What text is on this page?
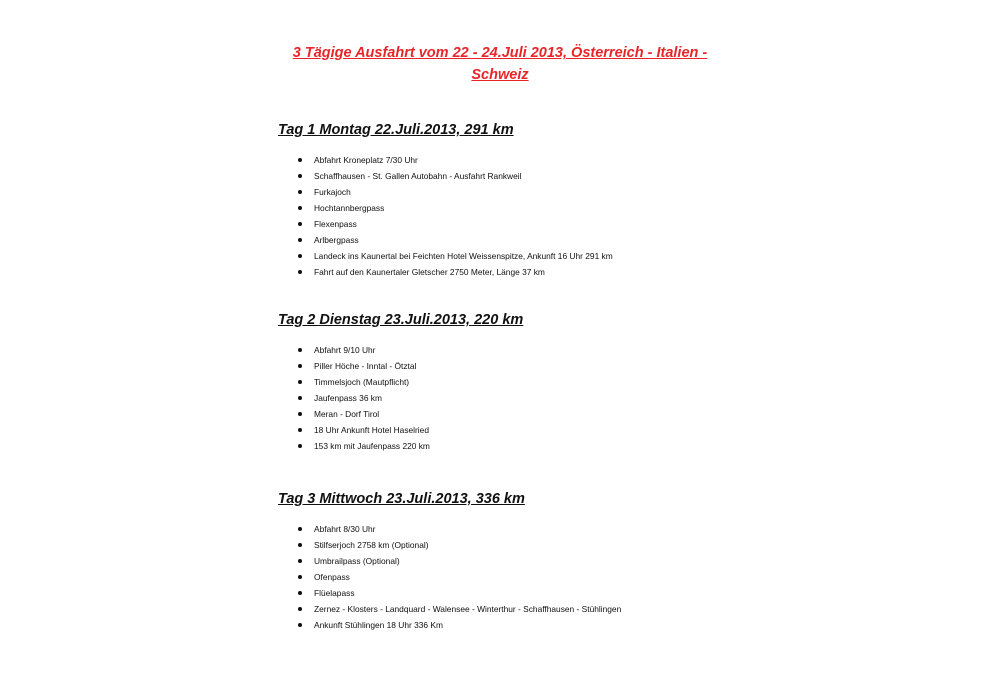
3 Tägige Ausfahrt vom 22 - 24.Juli 2013, Österreich - Italien -
Schweiz
Tag 1 Montag 22.Juli.2013, 291 km
Abfahrt Kroneplatz 7/30 Uhr
Schaffhausen - St. Gallen Autobahn - Ausfahrt Rankweil
Furkajoch
Hochtannbergpass
Flexenpass
Arlbergpass
Landeck ins Kaunertal bei Feichten Hotel Weissenspitze, Ankunft 16 Uhr 291 km
Fahrt auf den Kaunertaler Gletscher 2750 Meter, Länge 37 km
Tag 2 Dienstag 23.Juli.2013, 220 km
Abfahrt 9/10 Uhr
Piller Höche - Inntal - Ötztal
Timmelsjoch (Mautpflicht)
Jaufenpass 36 km
Meran - Dorf Tirol
18 Uhr Ankunft Hotel Haselried
153 km mit Jaufenpass 220 km
Tag 3 Mittwoch 23.Juli.2013, 336 km
Abfahrt 8/30 Uhr
Stilfserjoch 2758 km (Optional)
Umbrailpass (Optional)
Ofenpass
Flüelapass
Zernez - Klosters - Landquard - Walensee - Winterthur - Schaffhausen - Stühlingen
Ankunft Stühlingen 18 Uhr 336 Km
